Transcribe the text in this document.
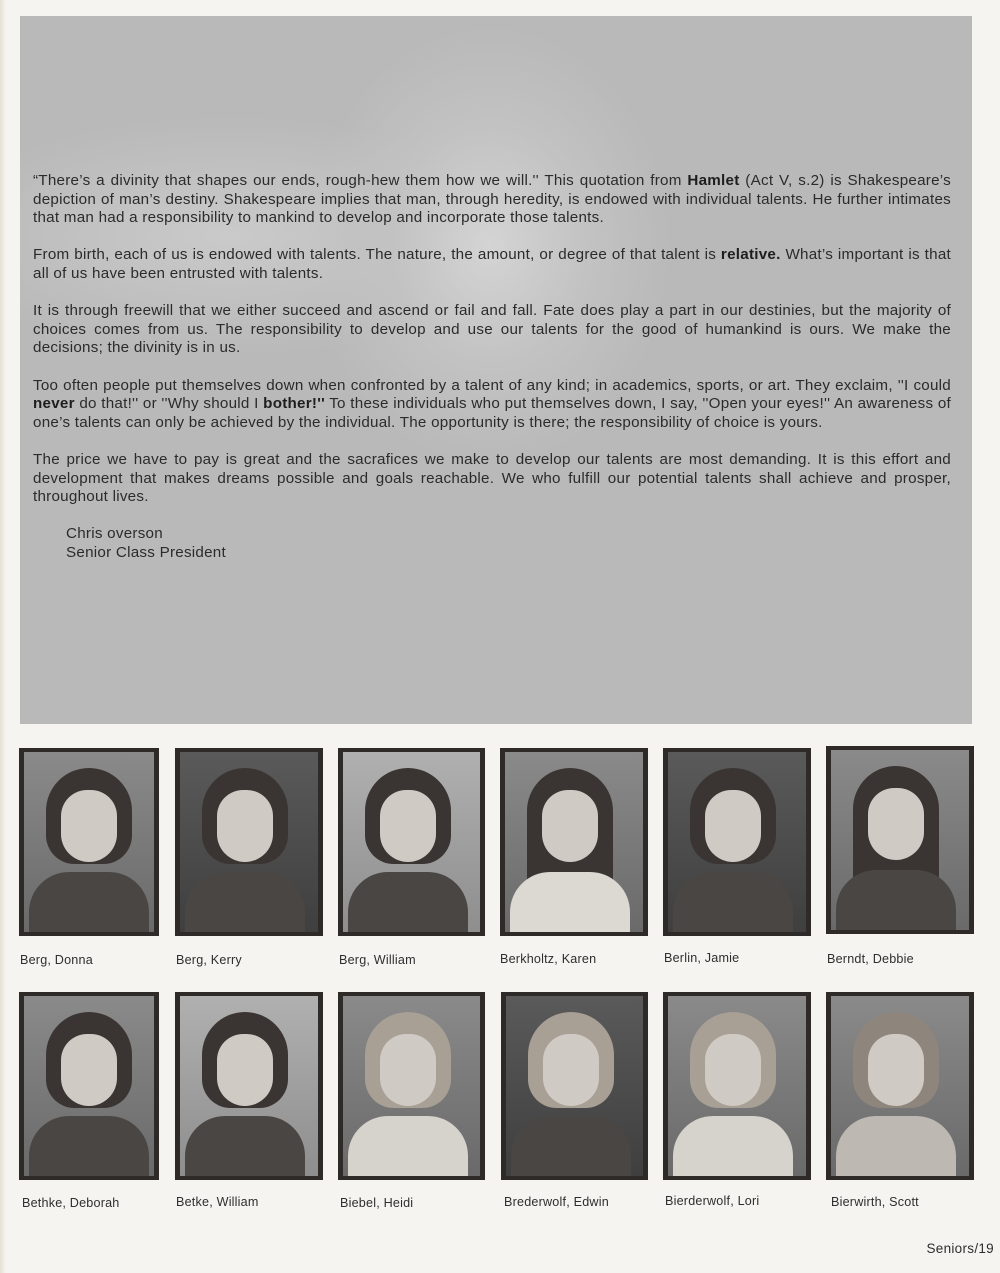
“There’s a divinity that shapes our ends, rough-hew them how we will.'' This quotation from Hamlet (Act V, s.2) is Shakespeare’s depiction of man’s destiny. Shakespeare implies that man, through heredity, is endowed with individual talents. He further intimates that man had a responsibility to mankind to develop and incorporate those talents.

From birth, each of us is endowed with talents. The nature, the amount, or degree of that talent is relative. What’s important is that all of us have been entrusted with talents.

It is through freewill that we either succeed and ascend or fail and fall. Fate does play a part in our destinies, but the majority of choices comes from us. The responsibility to develop and use our talents for the good of humankind is ours. We make the decisions; the divinity is in us.

Too often people put themselves down when confronted by a talent of any kind; in academics, sports, or art. They exclaim, ''I could never do that!'' or ''Why should I bother!'' To these individuals who put themselves down, I say, ''Open your eyes!'' An awareness of one’s talents can only be achieved by the individual. The opportunity is there; the responsibility of choice is yours.

The price we have to pay is great and the sacrafices we make to develop our talents are most demanding. It is this effort and development that makes dreams possible and goals reachable. We who fulfill our potential talents shall achieve and prosper, throughout lives.

Chris overson
Senior Class President
Berg, Donna	Berg, Kerry	Berg, William	Berkholtz, Karen	Berlin, Jamie	Berndt, Debbie
Bethke, Deborah	Betke, William	Biebel, Heidi	Brederwolf, Edwin	Bierderwolf, Lori	Bierwirth, Scott
Seniors/19
